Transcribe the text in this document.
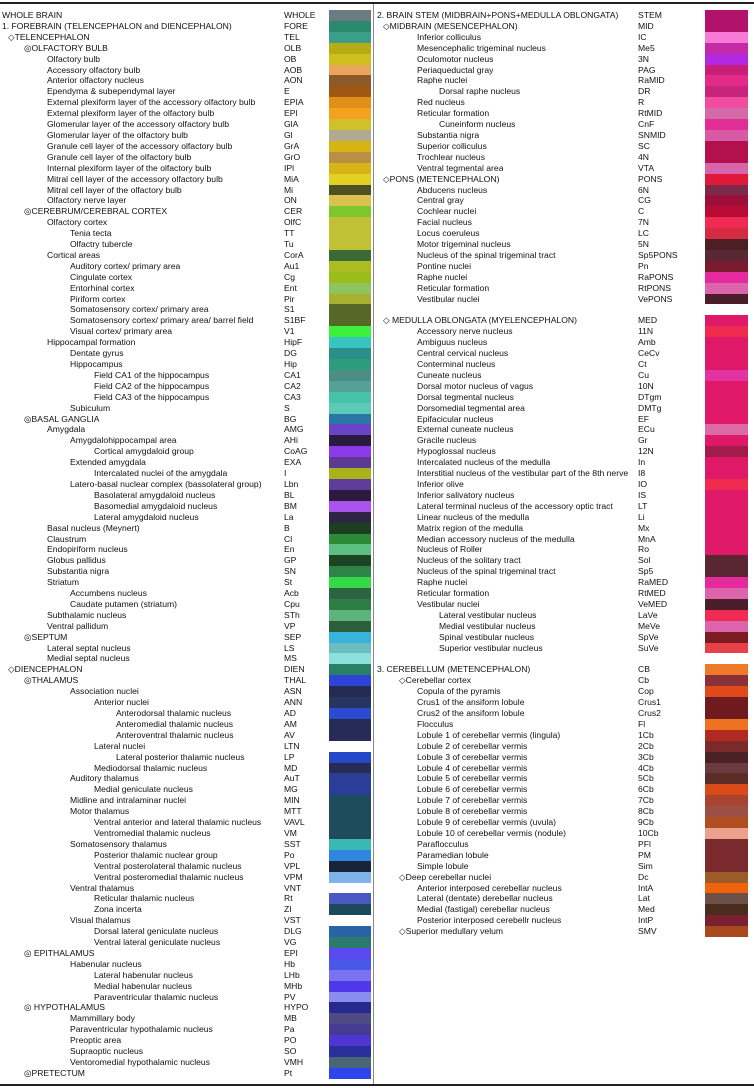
WHOLE BRAIN	WHOLE
1. FOREBRAIN (TELENCEPHALON and DIENCEPHALON)	FORE
◇TELENCEPHALON	TEL
◎OLFACTORY BULB	OLB
Olfactory bulb	OB
Accessory olfactory bulb	AOB
Anterior olfactory nucleus	AON
Ependyma & subependymal layer	E
External plexiform layer of the accessory olfactory bulb	EPIA
External plexiform layer of the olfactory bulb	EPl
Glomerular layer of the accessory olfactory bulb	GlA
Glomerular layer of the olfactory bulb	Gl
Granule cell layer of the accessory olfactory bulb	GrA
Granule cell layer of the olfactory bulb	GrO
Internal plexiform layer of the olfactory bulb	IPl
Mitral cell layer of the accessory olfactory bulb	MiA
Mitral cell layer of the olfactory bulb	Mi
Olfactory nerve layer	ON
◎CEREBRUM/CEREBRAL CORTEX	CER
Olfactory cortex	OlfC
Tenia tecta	TT
Olfactry tubercle	Tu
Cortical areas	CorA
Auditory cortex/ primary area	Au1
Cingulate cortex	Cg
Entorhinal cortex	Ent
Piriform cortex	Pir
Somatosensory cortex/ primary area	S1
Somatosensory cortex/ primary area/ barrel field	S1BF
Visual cortex/ primary area	V1
Hippocampal formation	HipF
Dentate gyrus	DG
Hippocampus	Hip
Field CA1 of the hippocampus	CA1
Field CA2 of the hippocampus	CA2
Field CA3 of the hippocampus	CA3
Subiculum	S
◎BASAL GANGLIA	BG
Amygdala	AMG
Amygdalohippocampal area	AHi
Cortical amygdaloid group	CoAG
Extended amygdala	EXA
Intercalated nuclei of the amygdala	I
Latero-basal nuclear complex (bassolateral group)	Lbn
Basolateral amygdaloid nucleus	BL
Basomedial amygdaloid nucleus	BM
Lateral amygdaloid nucleus	La
Basal nucleus (Meynert)	B
Claustrum	Cl
Endopiriform nucleus	En
Globus pallidus	GP
Substantia nigra	SN
Striatum	St
Accumbens nucleus	Acb
Caudate putamen (striatum)	Cpu
Subthalamic nucleus	STh
Ventral pallidum	VP
◎SEPTUM	SEP
Lateral septal nucleus	LS
Medial septal nucleus	MS
◇DIENCEPHALON	DIEN
◎THALAMUS	THAL
Association nuclei	ASN
Anterior nuclei	ANN
Anterodorsal thalamic nucleus	AD
Anteromedial thalamic nucleus	AM
Anteroventral thalamic nucleus	AV
Lateral nuclei	LTN
Lateral posterior thalamic nucleus	LP
Mediodorsal thalamic nucleus	MD
Auditory thalamus	AuT
Medial geniculate nucleus	MG
Midline and intralaminar nuclei	MIN
Motor thalamus	MTT
Ventral anterior and lateral thalamic nucleus	VAVL
Ventromedial thalamic nucleus	VM
Somatosensory thalamus	SST
Posterior thalamic nuclear group	Po
Ventral posterolateral thalamic nucleus	VPL
Ventral posteromedial thalamic nucleus	VPM
Ventral thalamus	VNT
Reticular thalamic nucleus	Rt
Zona incerta	ZI
Visual thalamus	VST
Dorsal lateral geniculate nucleus	DLG
Ventral lateral geniculate nucleus	VG
◎ EPITHALAMUS	EPI
Habenular nucleus	Hb
Lateral habenular nucleus	LHb
Medial habenular nucleus	MHb
Paraventricular thalamic nucleus	PV
◎ HYPOTHALAMUS	HYPO
Mammillary body	MB
Paraventricular hypothalamic nucleus	Pa
Preoptic area	PO
Supraoptic nucleus	SO
Ventoromedial hypothalamic nucleus	VMH
◎PRETECTUM	Pt
2. BRAIN STEM (MIDBRAIN+PONS+MEDULLA OBLONGATA) STEM
◇MIDBRAIN (MESENCEPHALON)	MID
Inferior colliculus	IC
Mesencephalic trigeminal nucleus	Me5
Oculomotor nucleus	3N
Periaqueductal gray	PAG
Raphe nuclei	RaMID
Dorsal raphe nucleus	DR
Red nucleus	R
Reticular formation	RtMID
Cuneinform nucleus	CnF
Substantia nigra	SNMID
Superior colliculus	SC
Trochlear nucleus	4N
Ventral tegmental area	VTA
◇PONS (METENCEPHALON)	PONS
Abducens nucleus	6N
Central gray	CG
Cochlear nuclei	C
Facial nucleus	7N
Locus coeruleus	LC
Motor trigeminal nucleus	5N
Nucleus of the spinal trigeminal tract	Sp5PONS
Pontine nuclei	Pn
Raphe nuclei	RaPONS
Reticular formation	RtPONS
Vestibular nuclei	VePONS
◇ MEDULLA OBLONGATA (MYELENCEPHALON)	MED
Accessory nerve nucleus	11N
Ambiguus nucleus	Amb
Central cervical nucleus	CeCv
Conterminal nucleus	Ct
Cuneate nucleus	Cu
Dorsal motor nucleus of vagus	10N
Dorsal tegmental nucleus	DTgm
Dorsomedial tegmental area	DMTg
Epifacicular nucleus	EF
External cuneate nucleus	ECu
Gracile nucleus	Gr
Hypoglossal nucleus	12N
Intercalated nucleus of the medulla	In
Interstitial nucleus of the vestibular part of the 8th nerve I8
Inferior olive	IO
Inferior salivatory nucleus	IS
Lateral terminal nucleus of the accessory optic tract	LT
Linear nucleus of the medulla	Li
Matrix region of the medulla	Mx
Median accessory nucleus of the medulla	MnA
Nucleus of Roller	Ro
Nucleus of the solitary tract	Sol
Nucleus of the spinal trigeminal tract	Sp5
Raphe nuclei	RaMED
Reticular formation	RtMED
Vestibular nuclei	VeMED
Lateral vestibular nucleus	LaVe
Medial vestibular nucleus	MeVe
Spinal vestibular nucleus	SpVe
Superior vestibular nucleus	SuVe
3. CEREBELLUM (METENCEPHALON)	CB
◇Cerebellar cortex	Cb
Copula of the pyramis	Cop
Crus1 of the ansiform lobule	Crus1
Crus2 of the ansiform lobule	Crus2
Flocculus	Fl
Lobule 1 of cerebellar vermis (lingula)	1Cb
Lobule 2 of cerebellar vermis	2Cb
Lobule 3 of cerebellar vermis	3Cb
Lobule 4 of cerebellar vermis	4Cb
Lobule 5 of cerebellar vermis	5Cb
Lobule 6 of cerebellar vermis	6Cb
Lobule 7 of cerebellar vermis	7Cb
Lobule 8 of cerebellar vermis	8Cb
Lobule 9 of cerebellar vermis (uvula)	9Cb
Lobule 10 of cerebellar vermis (nodule)	10Cb
Paraflocculus	PFl
Paramedian lobule	PM
Simple lobule	Sim
◇Deep cerebellar nuclei	Dc
Anterior interposed cerebellar nucleus	IntA
Lateral (dentate) derebellar nucleus	Lat
Medial (fastigal) cerebellar nucleus	Med
Posterior interposed cerebellr nucleus	IntP
◇Superior medullary velum	SMV
